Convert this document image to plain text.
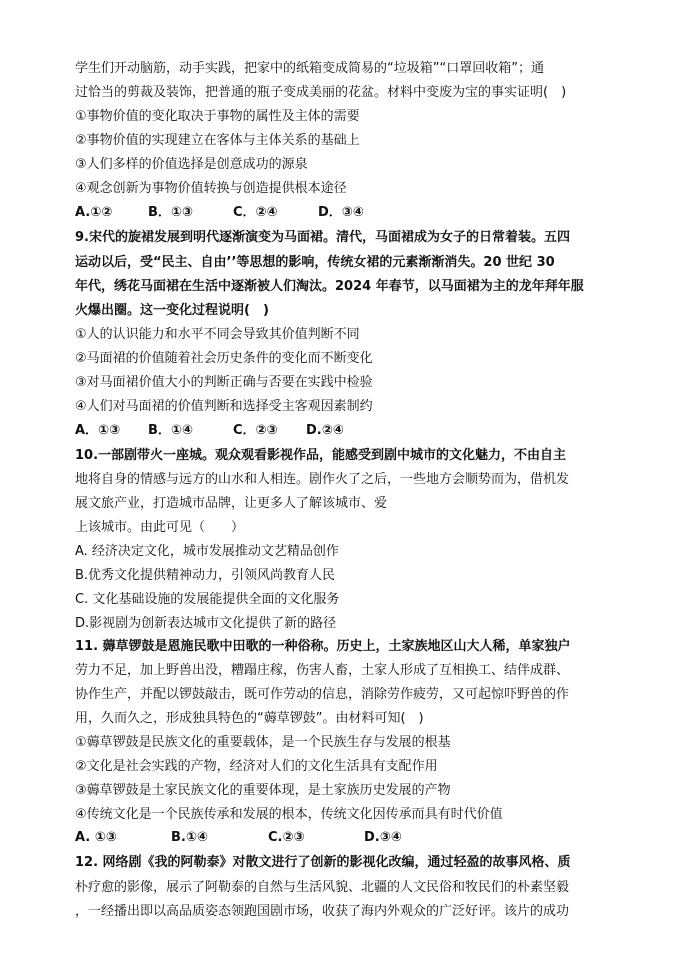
学生们开动脑筋，动手实践，把家中的纸箱变成简易的“垃圾箱”“口罩回收箱”；通
过恰当的剪裁及装饰，把普通的瓶子变成美丽的花盆。材料中变废为宝的事实证明(　)
①事物价值的变化取决于事物的属性及主体的需要
②事物价值的实现建立在客体与主体关系的基础上
③人们多样的价值选择是创意成功的源泉
④观念创新为事物价值转换与创造提供根本途径
A.①②	B．①③	C．②④	D．③④
9.宋代的旋裙发展到明代逐渐演变为马面裙。清代，马面裙成为女子的日常着装。五四
运动以后，受“民主、自由’’等思想的影响，传统女裙的元素渐渐消失。20 世纪 30
年代，绣花马面裙在生活中逐渐被人们淘汰。2024 年春节，以马面裙为主的龙年拜年服
火爆出圈。这一变化过程说明(　)
①人的认识能力和水平不同会导致其价值判断不同
②马面裙的价值随着社会历史条件的变化而不断变化
③对马面裙价值大小的判断正确与否要在实践中检验
④人们对马面裙的价值判断和选择受主客观因素制约
A．①③ B．①④	C．②③ D.②④
10.一部剧带火一座城。观众观看影视作品，能感受到剧中城市的文化魅力，不由自主
地将自身的情感与远方的山水和人相连。剧作火了之后，一些地方会顺势而为，借机发
展文旅产业，打造城市品牌，让更多人了解该城市、爱
上该城市。由此可见（　　）
A. 经济决定文化，城市发展推动文艺精品创作
B.优秀文化提供精神动力，引领风尚教育人民
C. 文化基础设施的发展能提供全面的文化服务
D.影视剧为创新表达城市文化提供了新的路径
11. 薅草锣鼓是恩施民歌中田歌的一种俗称。历史上，土家族地区山大人稀，单家独户
劳力不足，加上野兽出没，糟蹋庄稼，伤害人畜，土家人形成了互相换工、结伴成群、
协作生产，并配以锣鼓敲击，既可作劳动的信息，消除劳作疲劳，又可起惊吓野兽的作
用，久而久之，形成独具特色的“薅草锣鼓”。由材料可知(　)
①薅草锣鼓是民族文化的重要载体，是一个民族生存与发展的根基
②文化是社会实践的产物，经济对人们的文化生活具有支配作用
③薅草锣鼓是土家民族文化的重要体现，是土家族历史发展的产物
④传统文化是一个民族传承和发展的根本，传统文化因传承而具有时代价值
A. ①③	B.①④	C.②③	D.③④
12. 网络剧《我的阿勒泰》对散文进行了创新的影视化改编，通过轻盈的故事风格、质
朴疗愈的影像，展示了阿勒泰的自然与生活风貌、北疆的人文民俗和牧民们的朴素坚毅
，一经播出即以高品质姿态领跑国剧市场，收获了海内外观众的广泛好评。该片的成功
